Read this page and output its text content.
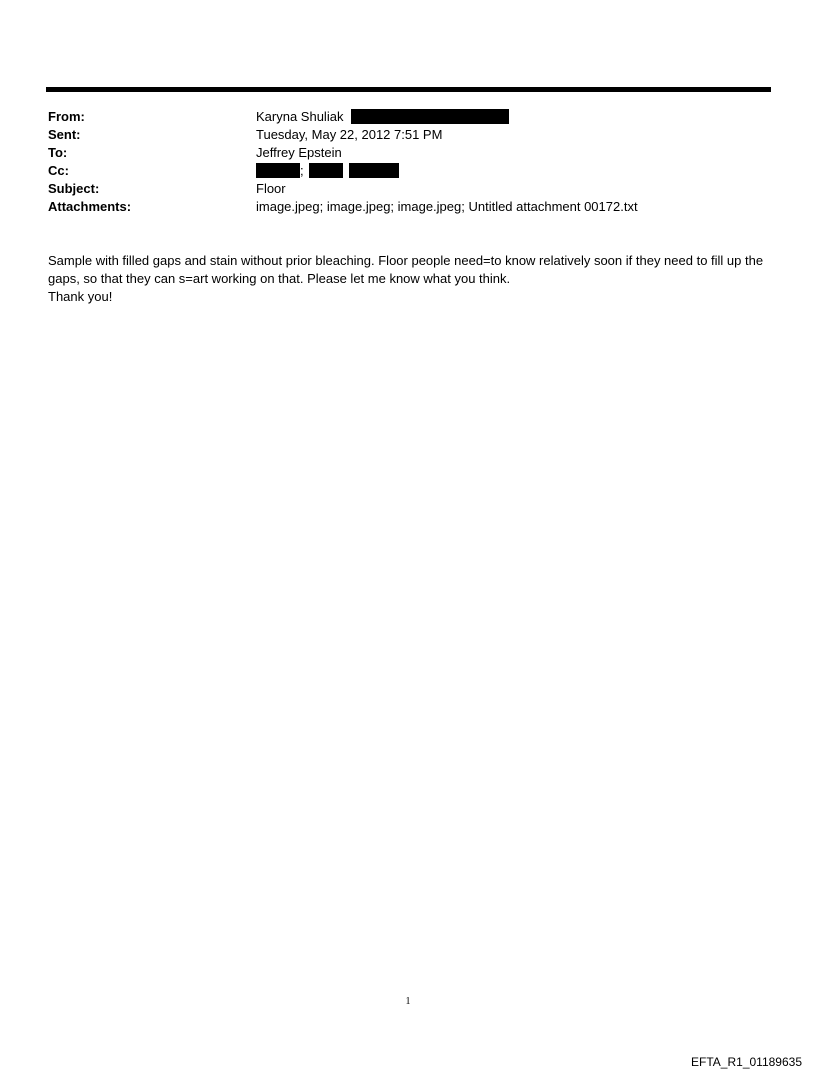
From:	Karyna Shuliak
Sent:	Tuesday, May 22, 2012 7:51 PM
To:	Jeffrey Epstein
Cc:	;
Subject:	Floor
Attachments:	image.jpeg; image.jpeg; image.jpeg; Untitled attachment 00172.txt

Sample with filled gaps and stain without prior bleaching. Floor people need=to know relatively soon if they need to fill up the gaps, so that they can s=art working on that. Please let me know what you think.

Thank you!

1
EFTA_R1_01189635
